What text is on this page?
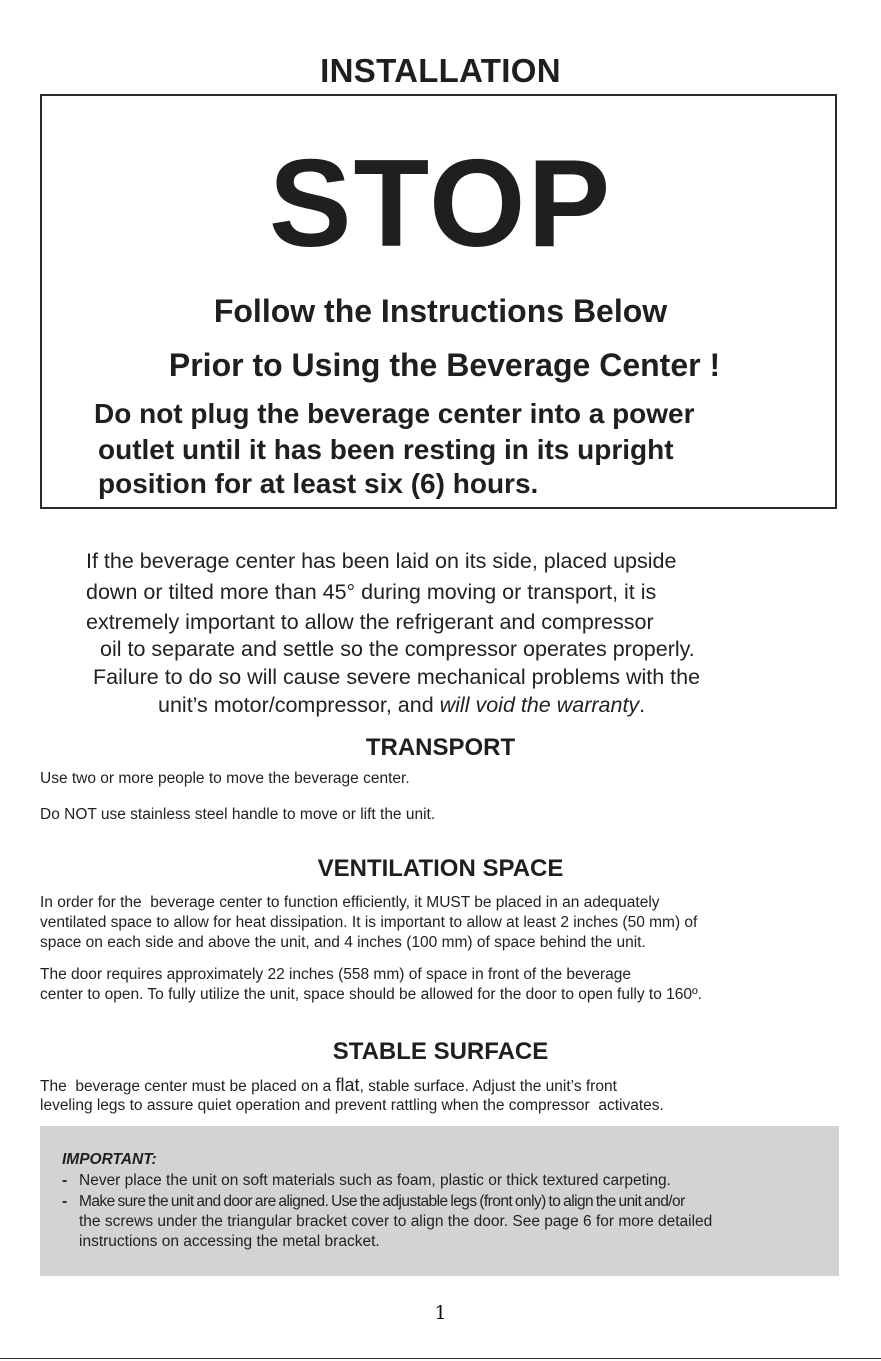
INSTALLATION
STOP
Follow the Instructions Below
Prior to Using the Beverage Center !
Do not plug the beverage center into a power
outlet until it has been resting in its upright
position for at least six (6) hours.
If the beverage center has been laid on its side, placed upside
down or tilted more than 45° during moving or transport, it is
extremely important to allow the refrigerant and compressor
oil to separate and settle so the compressor operates properly.
Failure to do so will cause severe mechanical problems with the
unit’s motor/compressor, and will void the warranty.
TRANSPORT
Use two or more people to move the beverage center.
Do NOT use stainless steel handle to move or lift the unit.
VENTILATION SPACE
In order for the  beverage center to function efficiently, it MUST be placed in an adequately
ventilated space to allow for heat dissipation. It is important to allow at least 2 inches (50 mm) of
space on each side and above the unit, and 4 inches (100 mm) of space behind the unit.
The door requires approximately 22 inches (558 mm) of space in front of the beverage
center to open. To fully utilize the unit, space should be allowed for the door to open fully to 160º.
STABLE SURFACE
The  beverage center must be placed on a flat, stable surface. Adjust the unit’s front
leveling legs to assure quiet operation and prevent rattling when the compressor  activates.
IMPORTANT:
-
-
Never place the unit on soft materials such as foam, plastic or thick textured carpeting.
Make sure the unit and door are aligned. Use the adjustable legs (front only) to align the unit and/or
the screws under the triangular bracket cover to align the door. See page 6 for more detailed
instructions on accessing the metal bracket.
1
